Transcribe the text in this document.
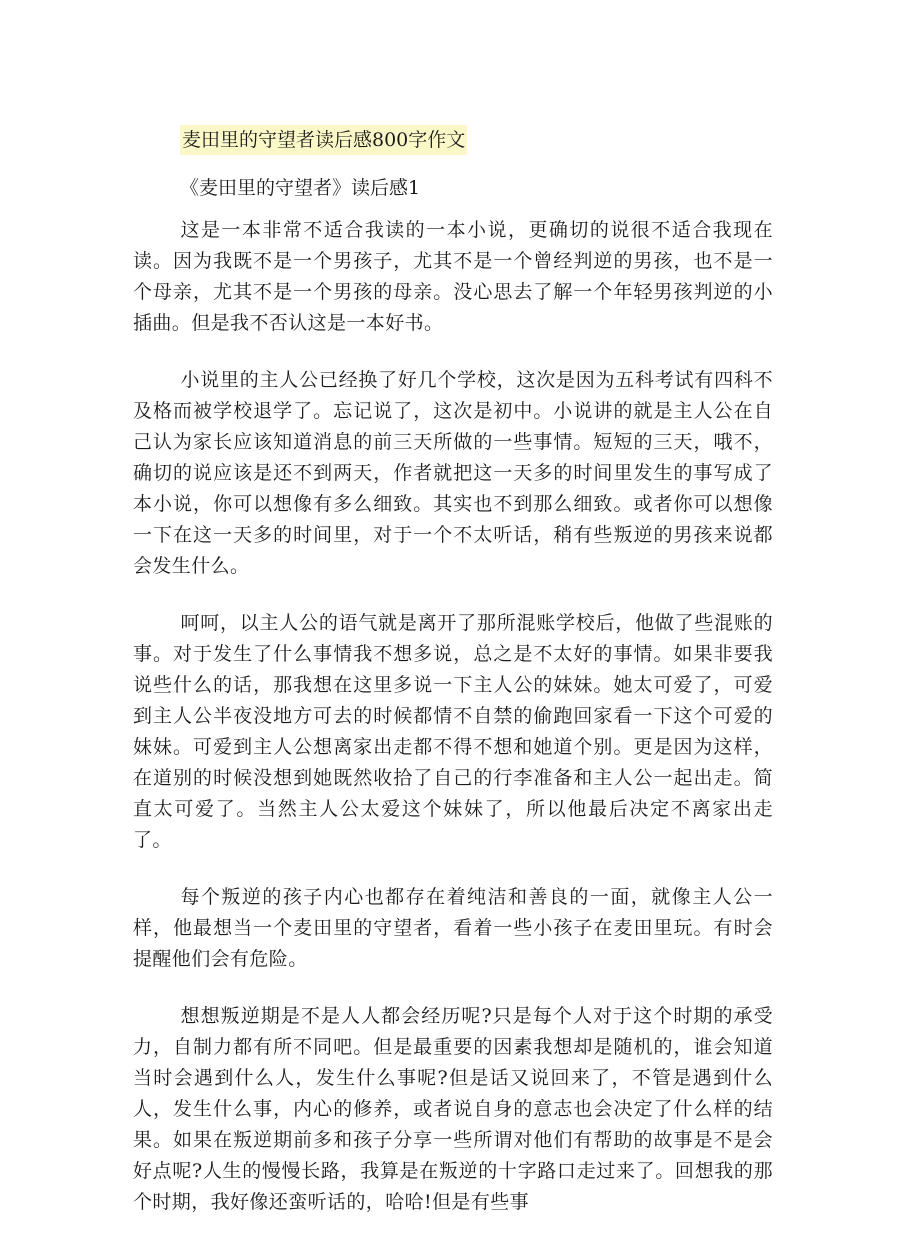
麦田里的守望者读后感800字作文
《麦田里的守望者》读后感1

这是一本非常不适合我读的一本小说，更确切的说很不适合我现在读。因为我既不是一个男孩子，尤其不是一个曾经判逆的男孩，也不是一个母亲，尤其不是一个男孩的母亲。没心思去了解一个年轻男孩判逆的小插曲。但是我不否认这是一本好书。

小说里的主人公已经换了好几个学校，这次是因为五科考试有四科不及格而被学校退学了。忘记说了，这次是初中。小说讲的就是主人公在自己认为家长应该知道消息的前三天所做的一些事情。短短的三天，哦不，确切的说应该是还不到两天，作者就把这一天多的时间里发生的事写成了本小说，你可以想像有多么细致。其实也不到那么细致。或者你可以想像一下在这一天多的时间里，对于一个不太听话，稍有些叛逆的男孩来说都会发生什么。

呵呵，以主人公的语气就是离开了那所混账学校后，他做了些混账的事。对于发生了什么事情我不想多说，总之是不太好的事情。如果非要我说些什么的话，那我想在这里多说一下主人公的妹妹。她太可爱了，可爱到主人公半夜没地方可去的时候都情不自禁的偷跑回家看一下这个可爱的妹妹。可爱到主人公想离家出走都不得不想和她道个别。更是因为这样，在道别的时候没想到她既然收拾了自己的行李准备和主人公一起出走。简直太可爱了。当然主人公太爱这个妹妹了，所以他最后决定不离家出走了。

每个叛逆的孩子内心也都存在着纯洁和善良的一面，就像主人公一样，他最想当一个麦田里的守望者，看着一些小孩子在麦田里玩。有时会提醒他们会有危险。

想想叛逆期是不是人人都会经历呢?只是每个人对于这个时期的承受力，自制力都有所不同吧。但是最重要的因素我想却是随机的，谁会知道当时会遇到什么人，发生什么事呢?但是话又说回来了，不管是遇到什么人，发生什么事，内心的修养，或者说自身的意志也会决定了什么样的结果。如果在叛逆期前多和孩子分享一些所谓对他们有帮助的故事是不是会好点呢?人生的慢慢长路，我算是在叛逆的十字路口走过来了。回想我的那个时期，我好像还蛮听话的，哈哈!但是有些事
